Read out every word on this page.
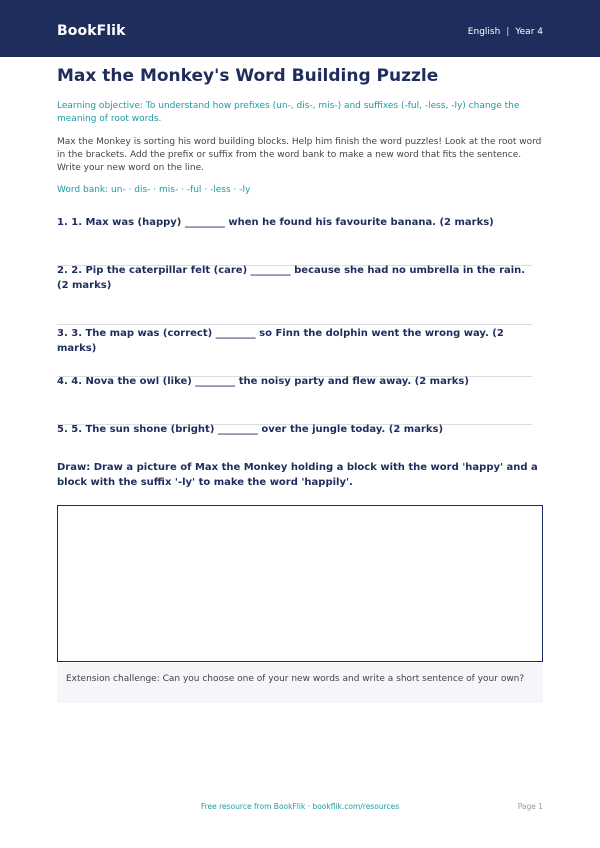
BookFlik	English | Year 4
Max the Monkey's Word Building Puzzle
Learning objective: To understand how prefixes (un-, dis-, mis-) and suffixes (-ful, -less, -ly) change the meaning of root words.
Max the Monkey is sorting his word building blocks. Help him finish the word puzzles! Look at the root word in the brackets. Add the prefix or suffix from the word bank to make a new word that fits the sentence. Write your new word on the line.
Word bank: un- · dis- · mis- · -ful · -less · -ly
1. 1. Max was (happy) ________ when he found his favourite banana. (2 marks)
2. 2. Pip the caterpillar felt (care) ________ because she had no umbrella in the rain. (2 marks)
3. 3. The map was (correct) ________ so Finn the dolphin went the wrong way. (2 marks)
4. 4. Nova the owl (like) ________ the noisy party and flew away. (2 marks)
5. 5. The sun shone (bright) ________ over the jungle today. (2 marks)
Draw: Draw a picture of Max the Monkey holding a block with the word 'happy' and a block with the suffix '-ly' to make the word 'happily'.
Extension challenge: Can you choose one of your new words and write a short sentence of your own?
Free resource from BookFlik · bookflik.com/resources	Page 1
